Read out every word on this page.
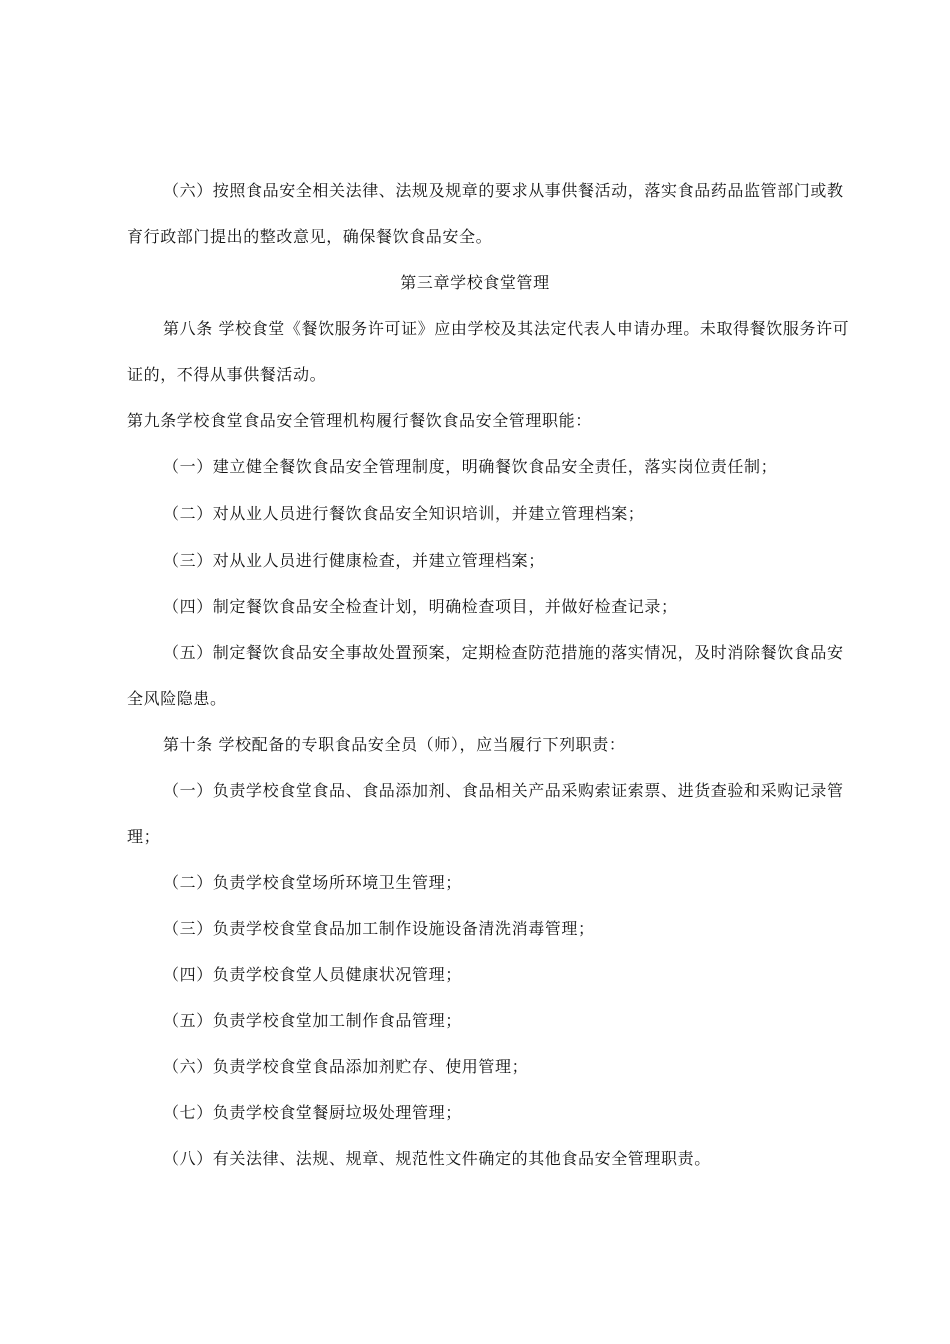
（六）按照食品安全相关法律、法规及规章的要求从事供餐活动，落实食品药品监管部门或教
育行政部门提出的整改意见，确保餐饮食品安全。
第三章学校食堂管理
第八条 学校食堂《餐饮服务许可证》应由学校及其法定代表人申请办理。未取得餐饮服务许可
证的，不得从事供餐活动。
第九条学校食堂食品安全管理机构履行餐饮食品安全管理职能：
（一）建立健全餐饮食品安全管理制度，明确餐饮食品安全责任，落实岗位责任制；
（二）对从业人员进行餐饮食品安全知识培训，并建立管理档案；
（三）对从业人员进行健康检查，并建立管理档案；
（四）制定餐饮食品安全检查计划，明确检查项目，并做好检查记录；
（五）制定餐饮食品安全事故处置预案，定期检查防范措施的落实情况，及时消除餐饮食品安
全风险隐患。
第十条 学校配备的专职食品安全员（师），应当履行下列职责：
（一）负责学校食堂食品、食品添加剂、食品相关产品采购索证索票、进货查验和采购记录管
理；
（二）负责学校食堂场所环境卫生管理；
（三）负责学校食堂食品加工制作设施设备清洗消毒管理；
（四）负责学校食堂人员健康状况管理；
（五）负责学校食堂加工制作食品管理；
（六）负责学校食堂食品添加剂贮存、使用管理；
（七）负责学校食堂餐厨垃圾处理管理；
（八）有关法律、法规、规章、规范性文件确定的其他食品安全管理职责。
